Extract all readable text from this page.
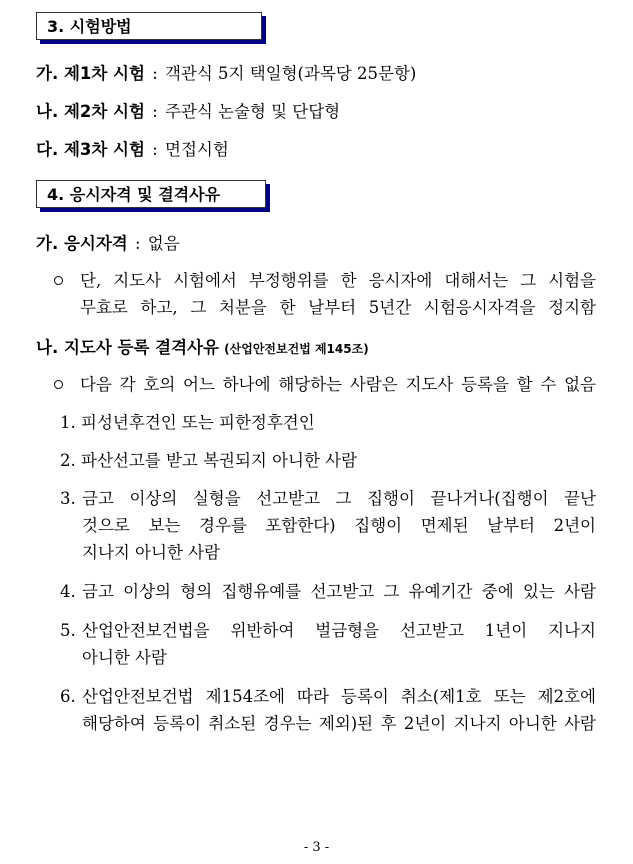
3. 시험방법
가. 제1차 시험 : 객관식 5지 택일형(과목당 25문항)
나. 제2차 시험 : 주관식 논술형 및 단답형
다. 제3차 시험 : 면접시험
4. 응시자격 및 결격사유
가. 응시자격 : 없음
단, 지도사 시험에서 부정행위를 한 응시자에 대해서는 그 시험을
무효로 하고, 그 처분을 한 날부터 5년간 시험응시자격을 정지함
나. 지도사 등록 결격사유 (산업안전보건법 제145조)
다음 각 호의 어느 하나에 해당하는 사람은 지도사 등록을 할 수 없음
1. 피성년후견인 또는 피한정후견인
2. 파산선고를 받고 복권되지 아니한 사람
3. 금고 이상의 실형을 선고받고 그 집행이 끝나거나(집행이 끝난
것으로 보는 경우를 포함한다) 집행이 면제된 날부터 2년이
지나지 아니한 사람
4. 금고 이상의 형의 집행유예를 선고받고 그 유예기간 중에 있는 사람
5. 산업안전보건법을 위반하여 벌금형을 선고받고 1년이 지나지
아니한 사람
6. 산업안전보건법 제154조에 따라 등록이 취소(제1호 또는 제2호에
해당하여 등록이 취소된 경우는 제외)된 후 2년이 지나지 아니한 사람
- 3 -
